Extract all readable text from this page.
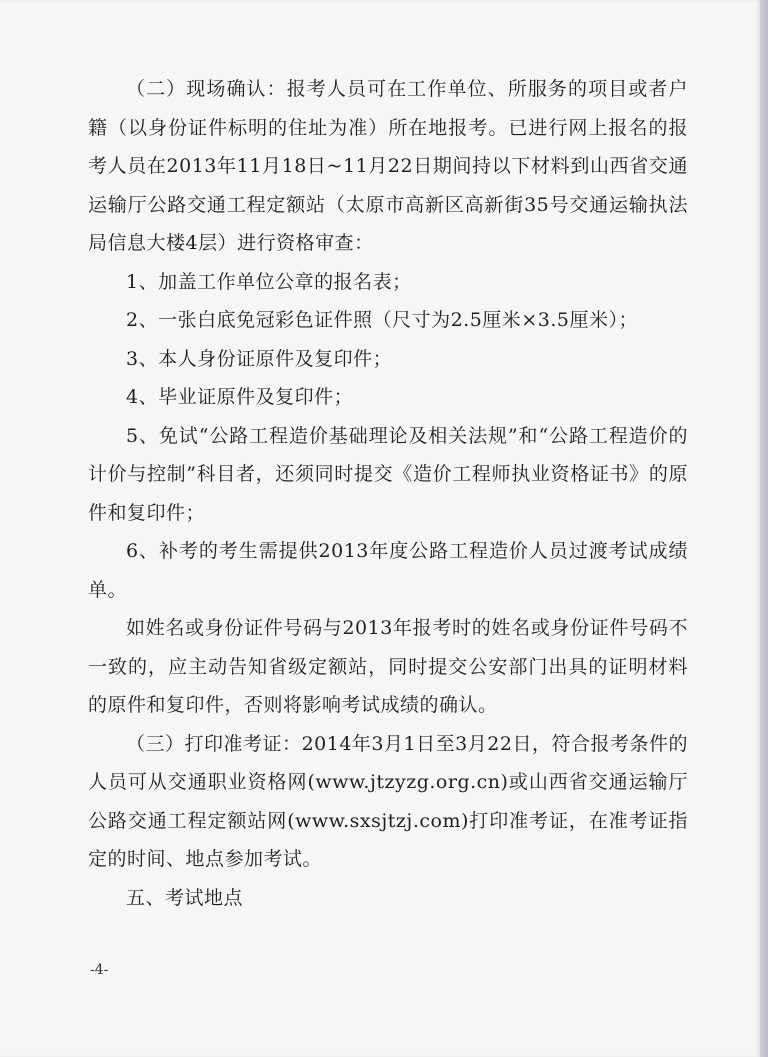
（二）现场确认：报考人员可在工作单位、所服务的项目或者户籍（以身份证件标明的住址为准）所在地报考。已进行网上报名的报考人员在2013年11月18日~11月22日期间持以下材料到山西省交通运输厅公路交通工程定额站（太原市高新区高新街35号交通运输执法局信息大楼4层）进行资格审查：

1、加盖工作单位公章的报名表；

2、一张白底免冠彩色证件照（尺寸为2.5厘米×3.5厘米）；

3、本人身份证原件及复印件；

4、毕业证原件及复印件；

5、免试“公路工程造价基础理论及相关法规”和“公路工程造价的计价与控制”科目者，还须同时提交《造价工程师执业资格证书》的原件和复印件；

6、补考的考生需提供2013年度公路工程造价人员过渡考试成绩单。

如姓名或身份证件号码与2013年报考时的姓名或身份证件号码不一致的，应主动告知省级定额站，同时提交公安部门出具的证明材料的原件和复印件，否则将影响考试成绩的确认。

（三）打印准考证：2014年3月1日至3月22日，符合报考条件的人员可从交通职业资格网(www.jtzyzg.org.cn)或山西省交通运输厅公路交通工程定额站网(www.sxsjtzj.com)打印准考证，在准考证指定的时间、地点参加考试。

五、考试地点

-4-
